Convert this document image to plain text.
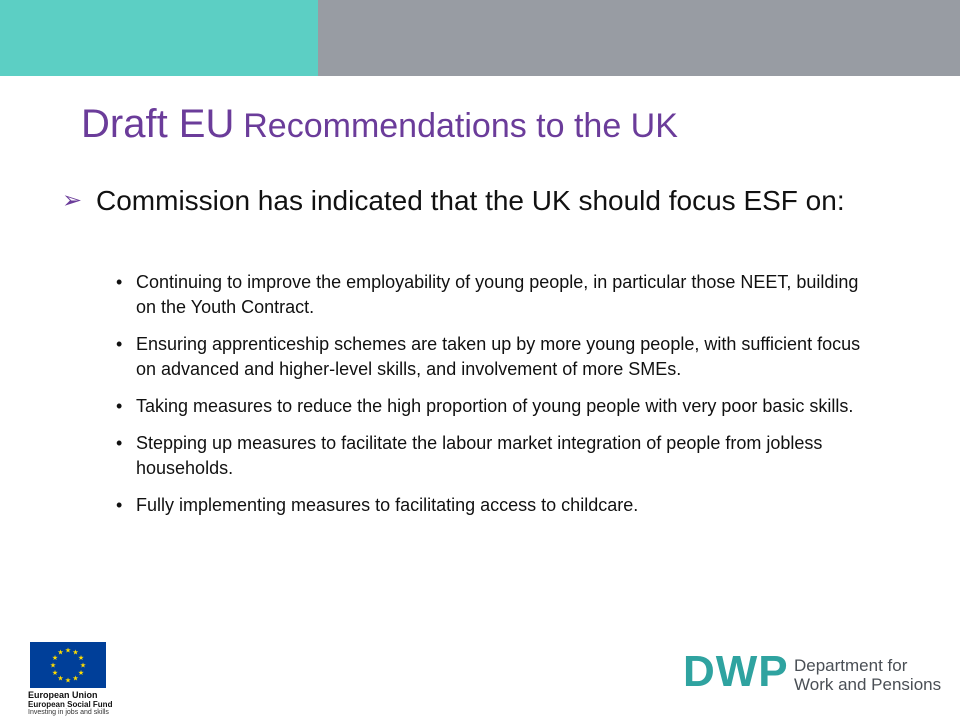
Draft EU Recommendations to the UK
➢ Commission has indicated that the UK should focus ESF on:
• Continuing to improve the employability of young people, in particular those NEET, building on the Youth Contract.
• Ensuring apprenticeship schemes are taken up by more young people, with sufficient focus on advanced and higher-level skills, and involvement of more SMEs.
• Taking measures to reduce the high proportion of young people with very poor basic skills.
• Stepping up measures to facilitate the labour market integration of people from jobless households.
• Fully implementing measures to facilitating access to childcare.
★ ★
★
★
★
★
★
★
★
★
★
★
European Union
European Social Fund
Investing in jobs and skills
DWP Department for
Work and Pensions
